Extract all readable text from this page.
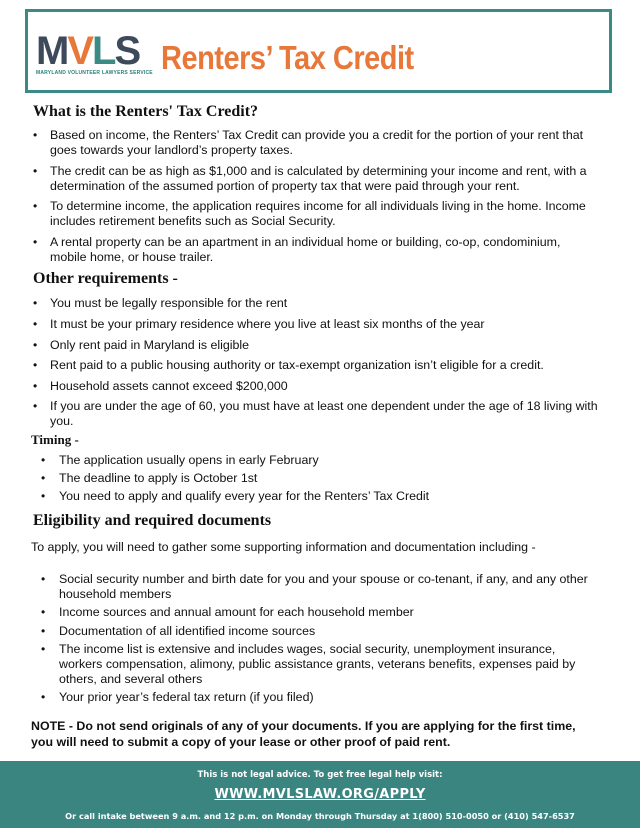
M V L S
MARYLAND VOLUNTEER LAWYERS SERVICE Renters’ Tax Credit
What is the Renters' Tax Credit?
• Based on income, the Renters’ Tax Credit can provide you a credit for the portion of your rent that goes towards your landlord’s property taxes.
• The credit can be as high as $1,000 and is calculated by determining your income and rent, with a determination of the assumed portion of property tax that were paid through your rent.
• To determine income, the application requires income for all individuals living in the home. Income includes retirement benefits such as Social Security.
• A rental property can be an apartment in an individual home or building, co-op, condominium, mobile home, or house trailer.
Other requirements -
• You must be legally responsible for the rent
• It must be your primary residence where you live at least six months of the year
• Only rent paid in Maryland is eligible
• Rent paid to a public housing authority or tax-exempt organization isn’t eligible for a credit.
• Household assets cannot exceed $200,000
• If you are under the age of 60, you must have at least one dependent under the age of 18 living with you.
Timing -
• The application usually opens in early February
• The deadline to apply is October 1st
• You need to apply and qualify every year for the Renters’ Tax Credit
Eligibility and required documents

To apply, you will need to gather some supporting information and documentation including -

• Social security number and birth date for you and your spouse or co-tenant, if any, and any other household members
• Income sources and annual amount for each household member
• Documentation of all identified income sources
• The income list is extensive and includes wages, social security, unemployment insurance, workers compensation, alimony, public assistance grants, veterans benefits, expenses paid by others, and several others
• Your prior year’s federal tax return (if you filed)

NOTE - Do not send originals of any of your documents. If you are applying for the first time, you will need to submit a copy of your lease or other proof of paid rent.

This is not legal advice. To get free legal help visit:
WWW.MVLSLAW.ORG/APPLY
Or call intake between 9 a.m. and 12 p.m. on Monday through Thursday at 1(800) 510-0050 or (410) 547-6537
